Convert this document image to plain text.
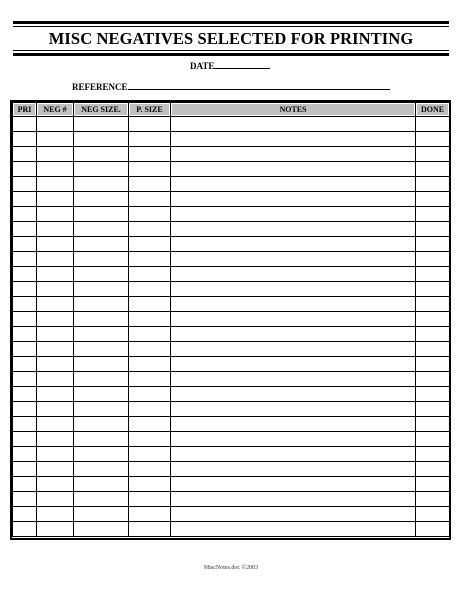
MISC NEGATIVES SELECTED FOR PRINTING
DATE
REFERENCE
PRI	NEG #	NEG SIZE.	P. SIZE	NOTES	DONE

MiscNotes.doc ©2003
